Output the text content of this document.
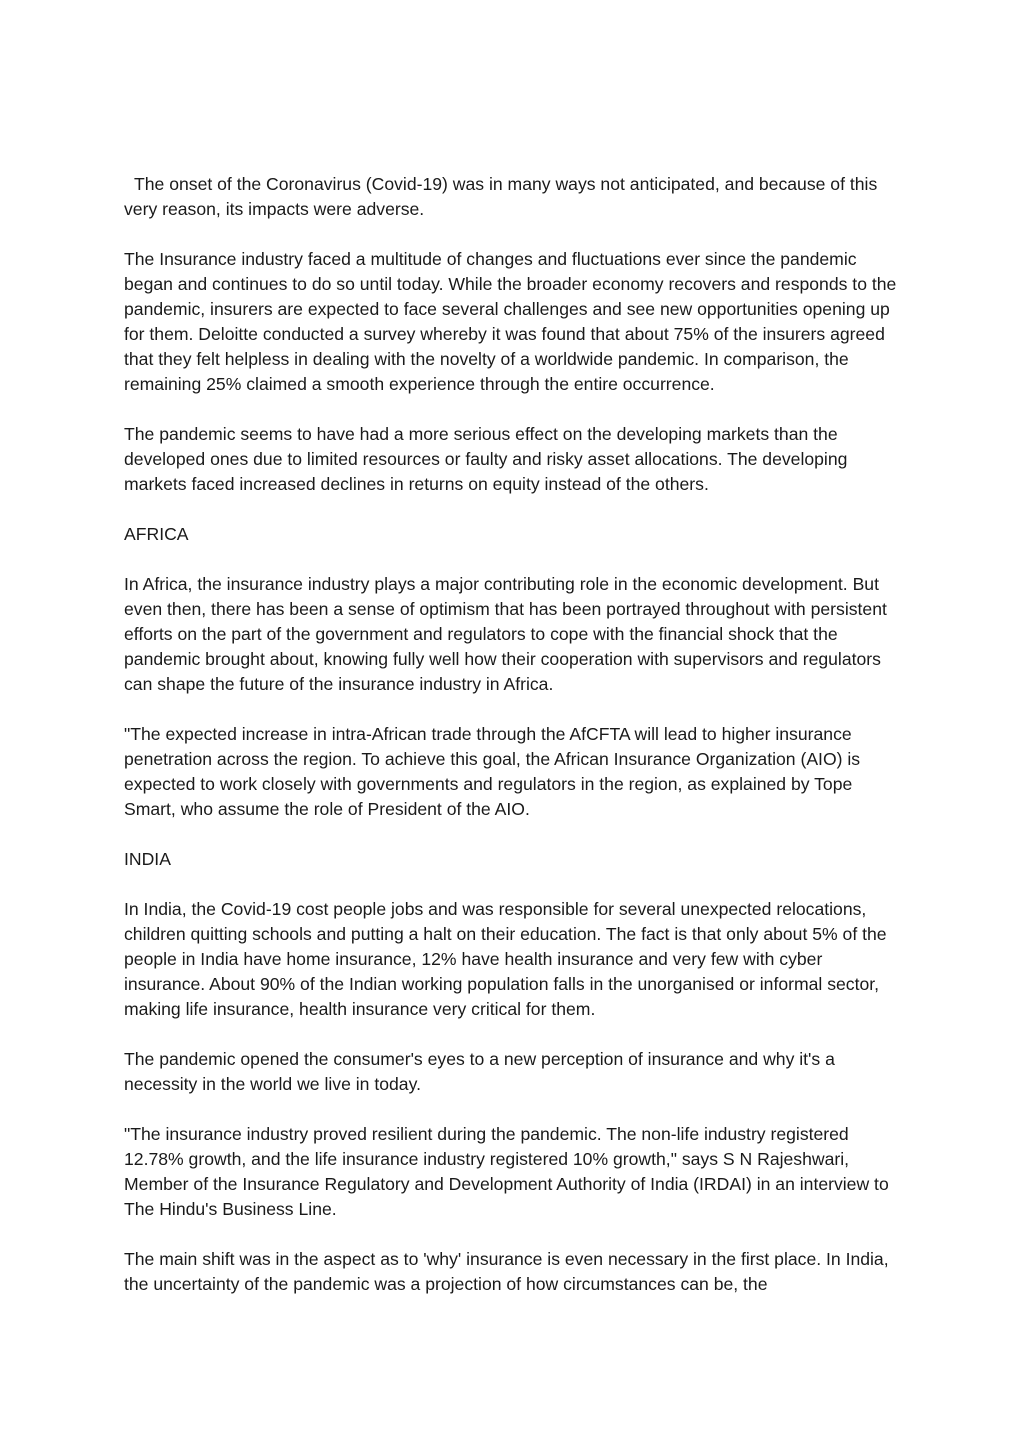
The onset of the Coronavirus (Covid-19) was in many ways not anticipated, and because of this very reason, its impacts were adverse.

The Insurance industry faced a multitude of changes and fluctuations ever since the pandemic began and continues to do so until today. While the broader economy recovers and responds to the pandemic, insurers are expected to face several challenges and see new opportunities opening up for them. Deloitte conducted a survey whereby it was found that about 75% of the insurers agreed that they felt helpless in dealing with the novelty of a worldwide pandemic. In comparison, the remaining 25% claimed a smooth experience through the entire occurrence.

The pandemic seems to have had a more serious effect on the developing markets than the developed ones due to limited resources or faulty and risky asset allocations. The developing markets faced increased declines in returns on equity instead of the others.

AFRICA

In Africa, the insurance industry plays a major contributing role in the economic development. But even then, there has been a sense of optimism that has been portrayed throughout with persistent efforts on the part of the government and regulators to cope with the financial shock that the pandemic brought about, knowing fully well how their cooperation with supervisors and regulators can shape the future of the insurance industry in Africa.

"The expected increase in intra-African trade through the AfCFTA will lead to higher insurance penetration across the region. To achieve this goal, the African Insurance Organization (AIO) is expected to work closely with governments and regulators in the region, as explained by Tope Smart, who assume the role of President of the AIO.

INDIA

In India, the Covid-19 cost people jobs and was responsible for several unexpected relocations, children quitting schools and putting a halt on their education. The fact is that only about 5% of the people in India have home insurance, 12% have health insurance and very few with cyber insurance. About 90% of the Indian working population falls in the unorganised or informal sector, making life insurance, health insurance very critical for them.

The pandemic opened the consumer's eyes to a new perception of insurance and why it's a necessity in the world we live in today.

"The insurance industry proved resilient during the pandemic. The non-life industry registered 12.78% growth, and the life insurance industry registered 10% growth," says S N Rajeshwari, Member of the Insurance Regulatory and Development Authority of India (IRDAI) in an interview to The Hindu's Business Line.

The main shift was in the aspect as to 'why' insurance is even necessary in the first place. In India, the uncertainty of the pandemic was a projection of how circumstances can be, the
